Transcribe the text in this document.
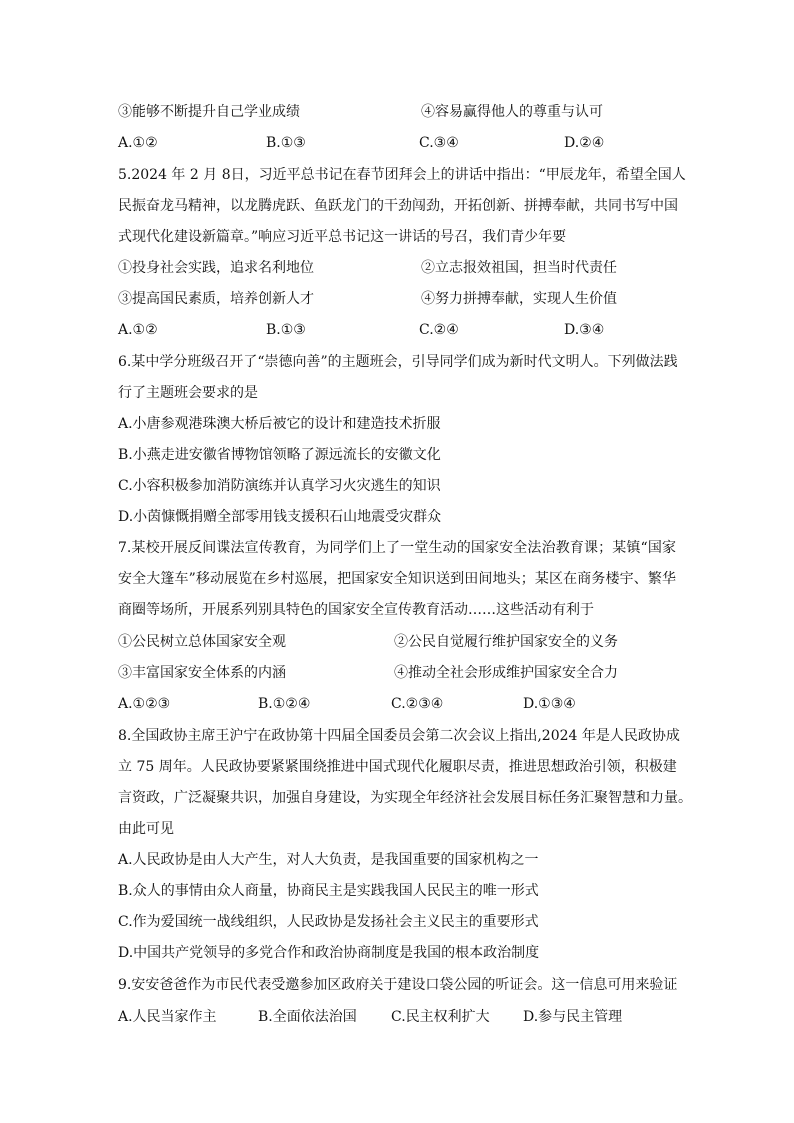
③能够不断提升自己学业成绩	④容易赢得他人的尊重与认可
A.①②	B.①③	C.③④	D.②④
5.2024 年 2 月 8日，习近平总书记在春节团拜会上的讲话中指出：“甲辰龙年，希望全国人
民振奋龙马精神，以龙腾虎跃、鱼跃龙门的干劲闯劲，开拓创新、拼搏奉献，共同书写中国
式现代化建设新篇章。”响应习近平总书记这一讲话的号召，我们青少年要
①投身社会实践，追求名利地位	②立志报效祖国，担当时代责任
③提高国民素质，培养创新人才	④努力拼搏奉献，实现人生价值
A.①②	B.①③	C.②④	D.③④
6.某中学分班级召开了“崇德向善”的主题班会，引导同学们成为新时代文明人。下列做法践
行了主题班会要求的是
A.小唐参观港珠澳大桥后被它的设计和建造技术折服
B.小燕走进安徽省博物馆领略了源远流长的安徽文化
C.小容积极参加消防演练并认真学习火灾逃生的知识
D.小茵慷慨捐赠全部零用钱支援积石山地震受灾群众
7.某校开展反间谍法宣传教育，为同学们上了一堂生动的国家安全法治教育课；某镇“国家
安全大篷车”移动展览在乡村巡展，把国家安全知识送到田间地头；某区在商务楼宇、繁华
商圈等场所，开展系列别具特色的国家安全宣传教育活动……这些活动有利于
①公民树立总体国家安全观	②公民自觉履行维护国家安全的义务
③丰富国家安全体系的内涵	④推动全社会形成维护国家安全合力
A.①②③	B.①②④	C.②③④	D.①③④
8.全国政协主席王沪宁在政协第十四届全国委员会第二次会议上指出,2024 年是人民政协成
立 75 周年。人民政协要紧紧围绕推进中国式现代化履职尽责，推进思想政治引领，积极建
言资政，广泛凝聚共识，加强自身建设，为实现全年经济社会发展目标任务汇聚智慧和力量。
由此可见
A.人民政协是由人大产生，对人大负责，是我国重要的国家机构之一
B.众人的事情由众人商量，协商民主是实践我国人民民主的唯一形式
C.作为爱国统一战线组织，人民政协是发扬社会主义民主的重要形式
D.中国共产党领导的多党合作和政治协商制度是我国的根本政治制度
9.安安爸爸作为市民代表受邀参加区政府关于建设口袋公园的听证会。这一信息可用来验证
A.人民当家作主	B.全面依法治国 C.民主权利扩大 D.参与民主管理
